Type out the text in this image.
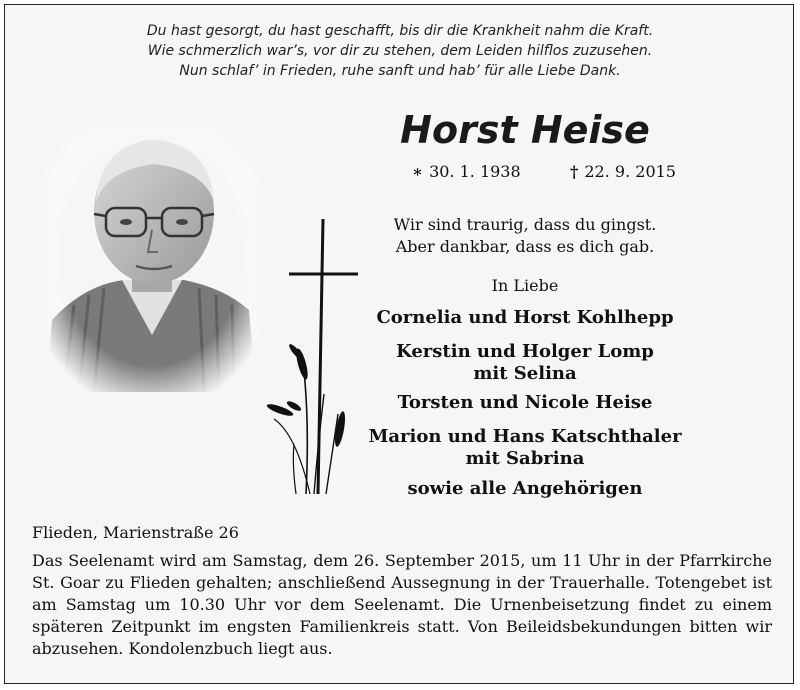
Du hast gesorgt, du hast geschafft, bis dir die Krankheit nahm die Kraft.
Wie schmerzlich war’s, vor dir zu stehen, dem Leiden hilflos zuzusehen.
Nun schlaf’ in Frieden, ruhe sanft und hab’ für alle Liebe Dank.
Horst Heise
∗ 30. 1. 1938	† 22. 9. 2015
Wir sind traurig, dass du gingst.
Aber dankbar, dass es dich gab.
In Liebe
Cornelia und Horst Kohlhepp
Kerstin und Holger Lomp
mit Selina
Torsten und Nicole Heise
Marion und Hans Katschthaler
mit Sabrina
sowie alle Angehörigen
Flieden, Marienstraße 26
Das Seelenamt wird am Samstag, dem 26. September 2015, um 11 Uhr in der Pfarrkirche St. Goar zu Flieden gehalten; anschließend Aussegnung in der Trauerhalle. Totengebet ist am Samstag um 10.30 Uhr vor dem Seelenamt. Die Urnenbeisetzung findet zu einem späteren Zeitpunkt im engsten Familienkreis statt. Von Beileidsbekundungen bitten wir abzusehen. Kondolenzbuch liegt aus.
